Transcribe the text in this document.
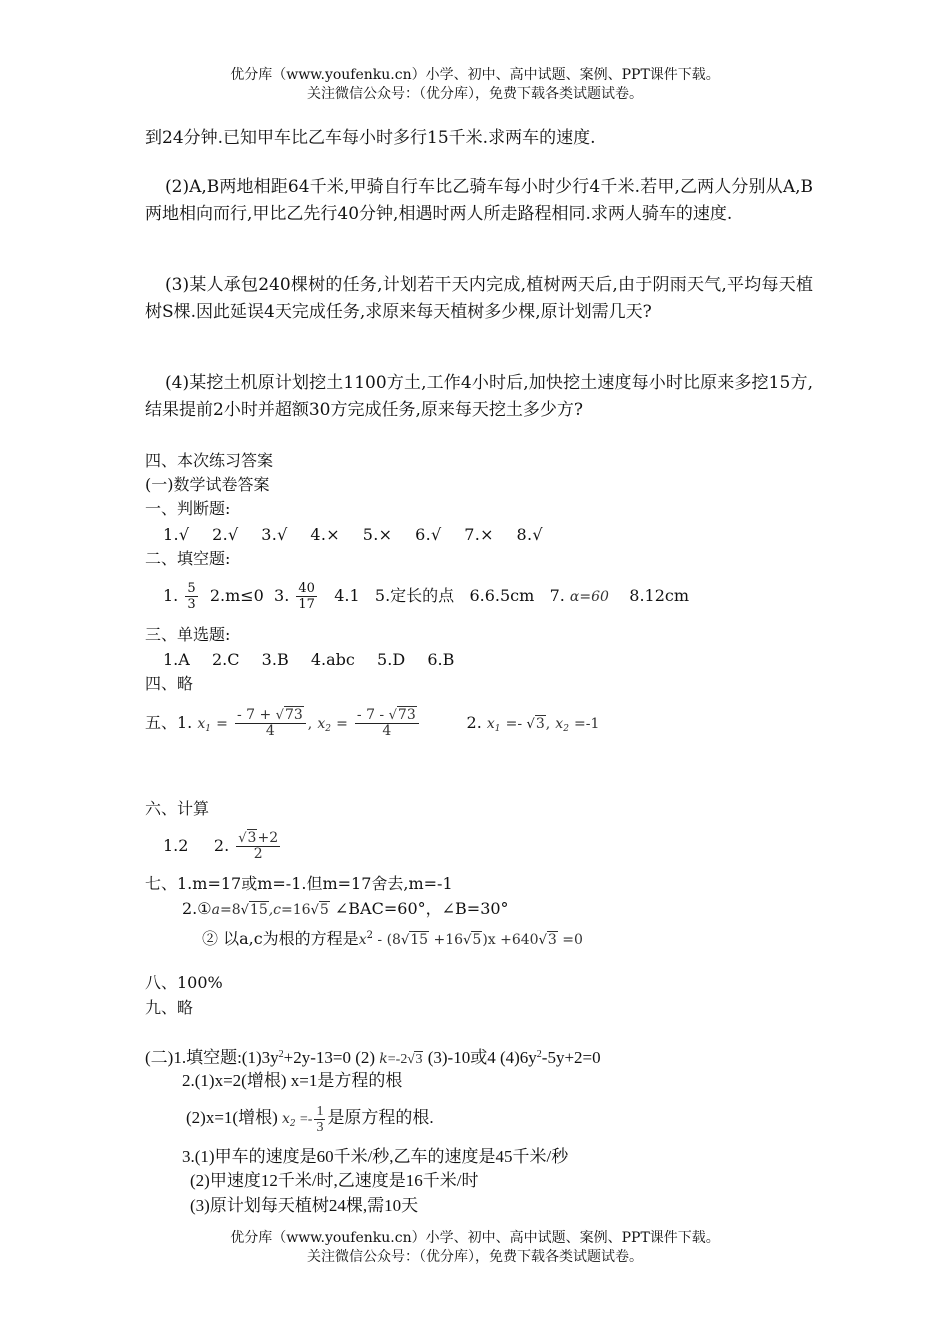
优分库（www.youfenku.cn）小学、初中、高中试题、案例、PPT课件下载。
关注微信公众号：（优分库），免费下载各类试题试卷。
到24分钟.已知甲车比乙车每小时多行15千米.求两车的速度.
(2)A,B两地相距64千米,甲骑自行车比乙骑车每小时少行4千米.若甲,乙两人分别从A,B两地相向而行,甲比乙先行40分钟,相遇时两人所走路程相同.求两人骑车的速度.
(3)某人承包240棵树的任务,计划若干天内完成,植树两天后,由于阴雨天气,平均每天植树S棵.因此延误4天完成任务,求原来每天植树多少棵,原计划需几天?
(4)某挖土机原计划挖土1100方土,工作4小时后,加快挖土速度每小时比原来多挖15方,结果提前2小时并超额30方完成任务,原来每天挖土多少方?
四、本次练习答案
(一)数学试卷答案
一、判断题:
1.√  2.√  3.√  4.×  5.×  6.√  7.×  8.√
二、填空题:
1. $\frac{5}{3} 2.m\le 0$ 3. $\frac{40}{17} 4.1$ 5.定长的点 6.6.5cm 7. α=60 8.12cm
三、单选题:
1.A  2.C  3.B  4.abc  5.D  6.B
四、略
五、1. $x_1 = \frac{- 7 + √73}{4}$ , $x_2 = \frac{- 7 - √73}{4}$	2. $x_1 =- √3$, $x_2 =-1$
六、计算
1.2 2. $\frac{√3+2}{2}$
七、1.m=17或m=-1.但m=17舍去,m=-1
2.①a=8√15,c=16√5 ∠BAC=60°，∠B=30°
② 以a,c为根的方程是$x^2 - (8√15 +16√5)x +640√3 =0$
八、100%
九、略
(二)1.填空题$:(1)3y^2+2y-13=0$ (2) k=-2√3 (3)-10或4 $(4)6y^2-5y+2=0$
2.(1)x=2(增根) x=1是方程的根
(2)x=1(增根) $x_2 =- \frac{1}{3}$ 是原方程的根.
3.(1)甲车的速度是60千米/秒,乙车的速度是45千米/秒
(2)甲速度12千米/时,乙速度是16千米/时
(3)原计划每天植树24棵,需10天
优分库（www.youfenku.cn）小学、初中、高中试题、案例、PPT课件下载。
关注微信公众号：（优分库），免费下载各类试题试卷。
